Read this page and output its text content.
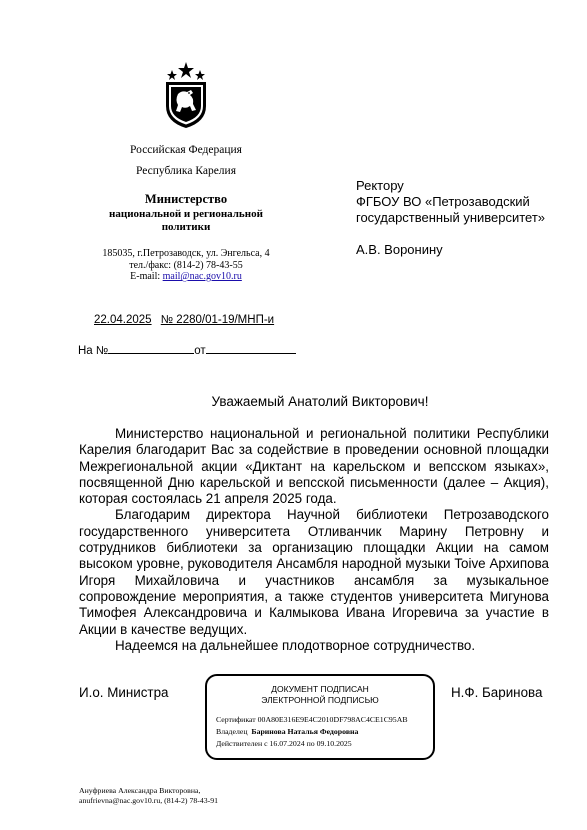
Российская Федерация
Республика Карелия
Министерство
национальной и региональной
политики
185035, г.Петрозаводск, ул. Энгельса, 4
тел./факс: (814-2) 78-43-55
E-mail: mail@nac.gov10.ru
22.04.2025 № 2280/01-19/МНП-и
На №	от
Ректору
ФГБОУ ВО «Петрозаводский
государственный университет»
А.В. Воронину
Уважаемый Анатолий Викторович!

Министерство национальной и региональной политики Республики Карелия благодарит Вас за содействие в проведении основной площадки Межрегиональной акции «Диктант на карельском и вепсском языках», посвященной Дню карельской и вепсской письменности (далее – Акция), которая состоялась 21 апреля 2025 года.

Благодарим директора Научной библиотеки Петрозаводского государственного университета Отливанчик Марину Петровну и сотрудников библиотеки за организацию площадки Акции на самом высоком уровне, руководителя Ансамбля народной музыки Toive Архипова Игоря Михайловича и участников ансамбля за музыкальное сопровождение мероприятия, а также студентов университета Мигунова Тимофея Александровича и Калмыкова Ивана Игоревича за участие в Акции в качестве ведущих.

Надеемся на дальнейшее плодотворное сотрудничество.

И.о. Министра	Н.Ф. Баринова
ДОКУМЕНТ ПОДПИСАН
ЭЛЕКТРОННОЙ ПОДПИСЬЮ
Сертификат 00A80E316E9E4C2010DF798AC4CE1C95AB
Владелец Баринова Наталья Федоровна
Действителен с 16.07.2024 по 09.10.2025
Ануфриева Александра Викторовна,
anufrievna@nac.gov10.ru, (814-2) 78-43-91
